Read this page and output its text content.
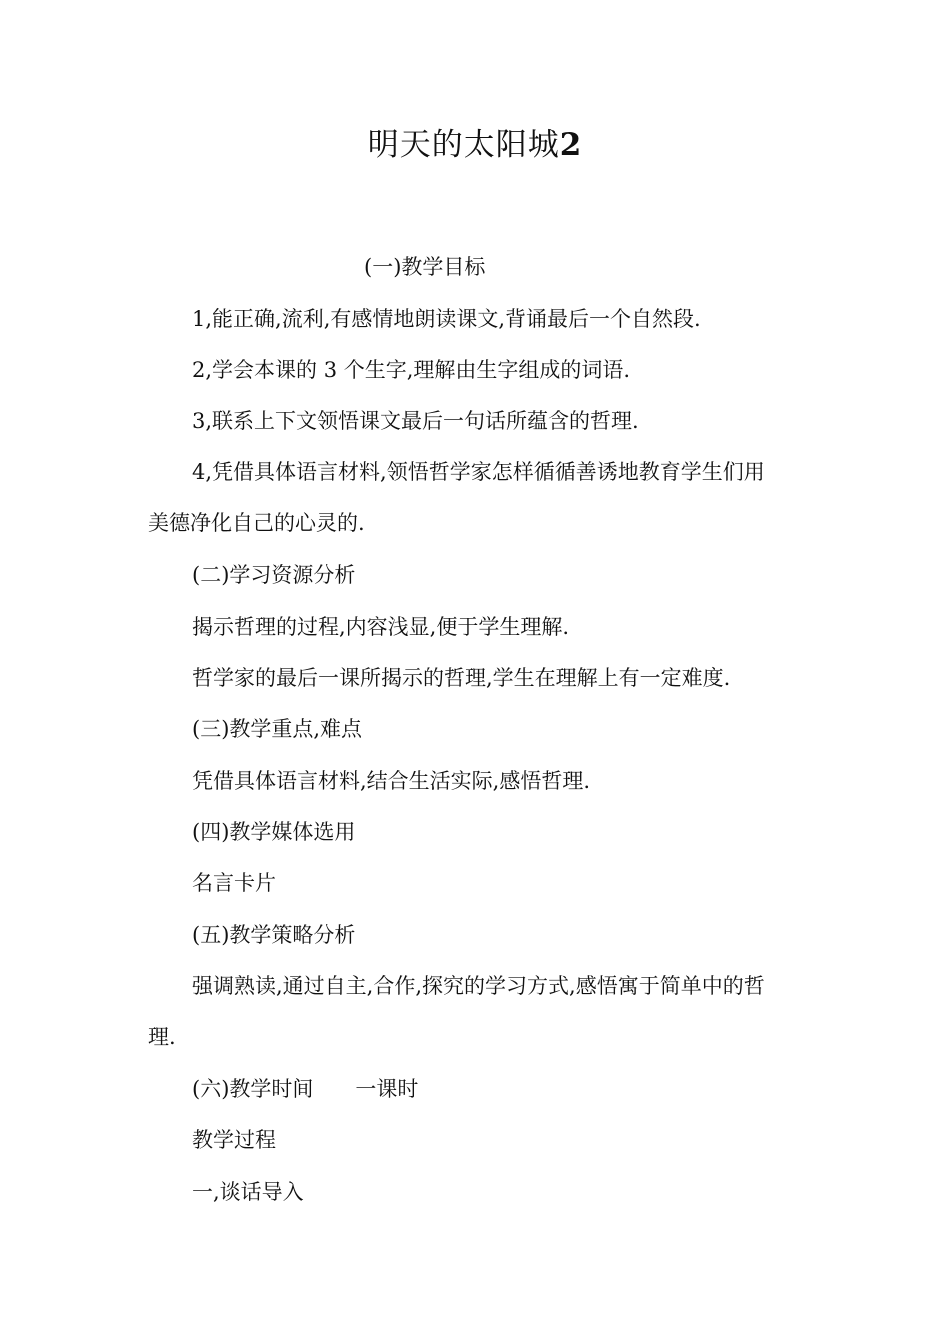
明天的太阳城2

(一)教学目标

1,能正确,流利,有感情地朗读课文,背诵最后一个自然段.

2,学会本课的 3 个生字,理解由生字组成的词语.

3,联系上下文领悟课文最后一句话所蕴含的哲理.

4,凭借具体语言材料,领悟哲学家怎样循循善诱地教育学生们用

美德净化自己的心灵的.

(二)学习资源分析

揭示哲理的过程,内容浅显,便于学生理解.

哲学家的最后一课所揭示的哲理,学生在理解上有一定难度.

(三)教学重点,难点

凭借具体语言材料,结合生活实际,感悟哲理.

(四)教学媒体选用

名言卡片

(五)教学策略分析

强调熟读,通过自主,合作,探究的学习方式,感悟寓于简单中的哲

理.

(六)教学时间 一课时

教学过程

一,谈话导入
